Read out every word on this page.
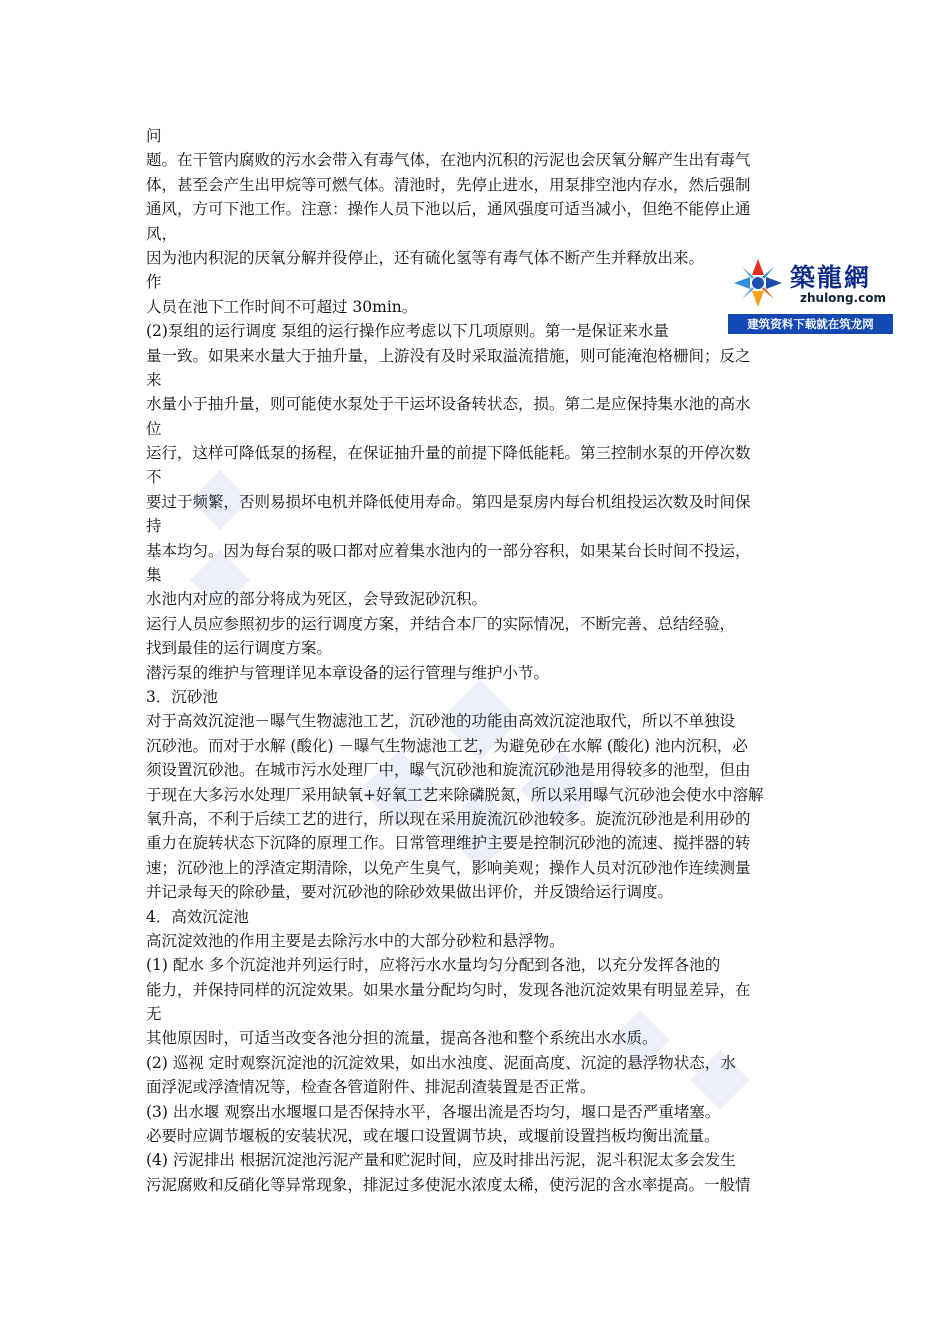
问
题。在干管内腐败的污水会带入有毒气体，在池内沉积的污泥也会厌氧分解产生出有毒气
体，甚至会产生出甲烷等可燃气体。清池时，先停止进水，用泵排空池内存水，然后强制
通风，方可下池工作。注意：操作人员下池以后，通风强度可适当减小，但绝不能停止通
风，
因为池内积泥的厌氧分解并役停止，还有硫化氢等有毒气体不断产生并释放出来。
作
人员在池下工作时间不可超过 30min。
(2)泵组的运行调度 泵组的运行操作应考虑以下几项原则。第一是保证来水量
量一致。如果来水量大于抽升量，上游没有及时采取溢流措施，则可能淹泡格栅间；反之
来
水量小于抽升量，则可能使水泵处于干运坏设备转状态，损。第二是应保持集水池的高水
位
运行，这样可降低泵的扬程，在保证抽升量的前提下降低能耗。第三控制水泵的开停次数
不
要过于频繁，否则易损坏电机并降低使用寿命。第四是泵房内每台机组投运次数及时间保
持
基本均匀。因为每台泵的吸口都对应着集水池内的一部分容积，如果某台长时间不投运，
集
水池内对应的部分将成为死区，会导致泥砂沉积。
运行人员应参照初步的运行调度方案，并结合本厂的实际情况，不断完善、总结经验，
找到最佳的运行调度方案。
潜污泵的维护与管理详见本章设备的运行管理与维护小节。
3．沉砂池
对于高效沉淀池－曝气生物滤池工艺，沉砂池的功能由高效沉淀池取代，所以不单独设
沉砂池。而对于水解 (酸化) －曝气生物滤池工艺，为避免砂在水解 (酸化) 池内沉积，必
须设置沉砂池。在城市污水处理厂中，曝气沉砂池和旋流沉砂池是用得较多的池型，但由
于现在大多污水处理厂采用缺氧+好氧工艺来除磷脱氮，所以采用曝气沉砂池会使水中溶解
氧升高，不利于后续工艺的进行，所以现在采用旋流沉砂池较多。旋流沉砂池是利用砂的
重力在旋转状态下沉降的原理工作。日常管理维护主要是控制沉砂池的流速、搅拌器的转
速；沉砂池上的浮渣定期清除，以免产生臭气，影响美观；操作人员对沉砂池作连续测量
并记录每天的除砂量，要对沉砂池的除砂效果做出评价，并反馈给运行调度。
4．高效沉淀池
高沉淀效池的作用主要是去除污水中的大部分砂粒和悬浮物。
(1) 配水 多个沉淀池并列运行时，应将污水水量均匀分配到各池，以充分发挥各池的
能力，并保持同样的沉淀效果。如果水量分配均匀时，发现各池沉淀效果有明显差异，在
无
其他原因时，可适当改变各池分担的流量，提高各池和整个系统出水水质。
(2) 巡视 定时观察沉淀池的沉淀效果，如出水浊度、泥面高度、沉淀的悬浮物状态，水
面浮泥或浮渣情况等，检查各管道附件、排泥刮渣装置是否正常。
(3) 出水堰 观察出水堰堰口是否保持水平，各堰出流是否均匀，堰口是否严重堵塞。
必要时应调节堰板的安装状况，或在堰口设置调节块，或堰前设置挡板均衡出流量。
(4) 污泥排出 根据沉淀池污泥产量和贮泥时间，应及时排出污泥，泥斗积泥太多会发生
污泥腐败和反硝化等异常现象，排泥过多使泥水浓度太稀，使污泥的含水率提高。一般情
築龍網
zhulong.com
建筑资料下载就在筑龙网
